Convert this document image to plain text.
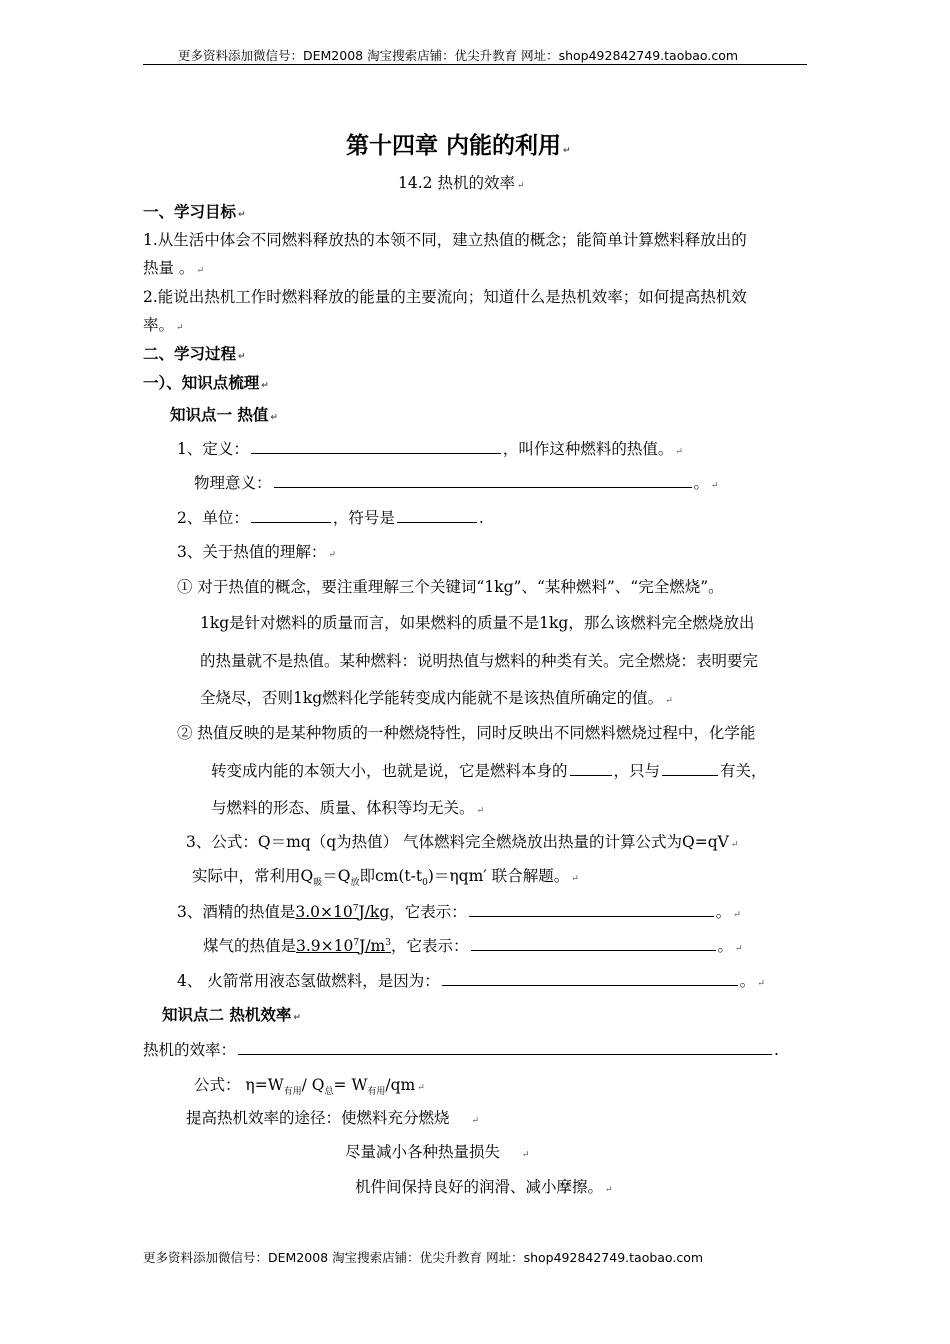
更多资料添加微信号：DEM2008 淘宝搜索店铺：优尖升教育 网址：shop492842749.taobao.com
第十四章 内能的利用 ↵
14.2 热机的效率 ↵
一、学习目标 ↵
1.从生活中体会不同燃料释放热的本领不同，建立热值的概念；能简单计算燃料释放出的
热量 。 ↵
2.能说出热机工作时燃料释放的能量的主要流向；知道什么是热机效率；如何提高热机效
率。 ↵
二、学习过程 ↵
一）、知识点梳理 ↵
知识点一 热值 ↵
1、定义：	，叫作这种燃料的热值。 ↵
物理意义：	。 ↵
2、单位：	，符号是	.
3、关于热值的理解： ↵
① 对于热值的概念，要注重理解三个关键词“1kg”、“某种燃料”、“完全燃烧”。
1kg是针对燃料的质量而言，如果燃料的质量不是1kg，那么该燃料完全燃烧放出
的热量就不是热值。某种燃料：说明热值与燃料的种类有关。完全燃烧：表明要完
全烧尽，否则1kg燃料化学能转变成内能就不是该热值所确定的值。 ↵
② 热值反映的是某种物质的一种燃烧特性，同时反映出不同燃料燃烧过程中，化学能
转变成内能的本领大小，也就是说，它是燃料本身的	，只与	有关，
与燃料的形态、质量、体积等均无关。 ↵
3、公式：Q＝mq（q为热值） 气体燃料完全燃烧放出热量的计算公式为Q=qV ↵
实际中，常利用$Q_吸=Q_放$即$cm(t-t_0)=\eta qm'$ 联合解题。 ↵
3、酒精的热值是$3.0\times 10^7J/kg$，它表示：	。 ↵
煤气的热值是$3.9\times 10^7J/m^3$，它表示：	。 ↵
4、 火箭常用液态氢做燃料，是因为：	。 ↵
知识点二 热机效率 ↵
热机的效率：	.
公式： $\eta=W_{有用}/$ $Q_总= W_{有用}/qm$ ↵
提高热机效率的途径：使燃料充分燃烧 ↵
尽量减小各种热量损失 ↵
机件间保持良好的润滑、减小摩擦。 ↵
更多资料添加微信号：DEM2008 淘宝搜索店铺：优尖升教育 网址：shop492842749.taobao.com
